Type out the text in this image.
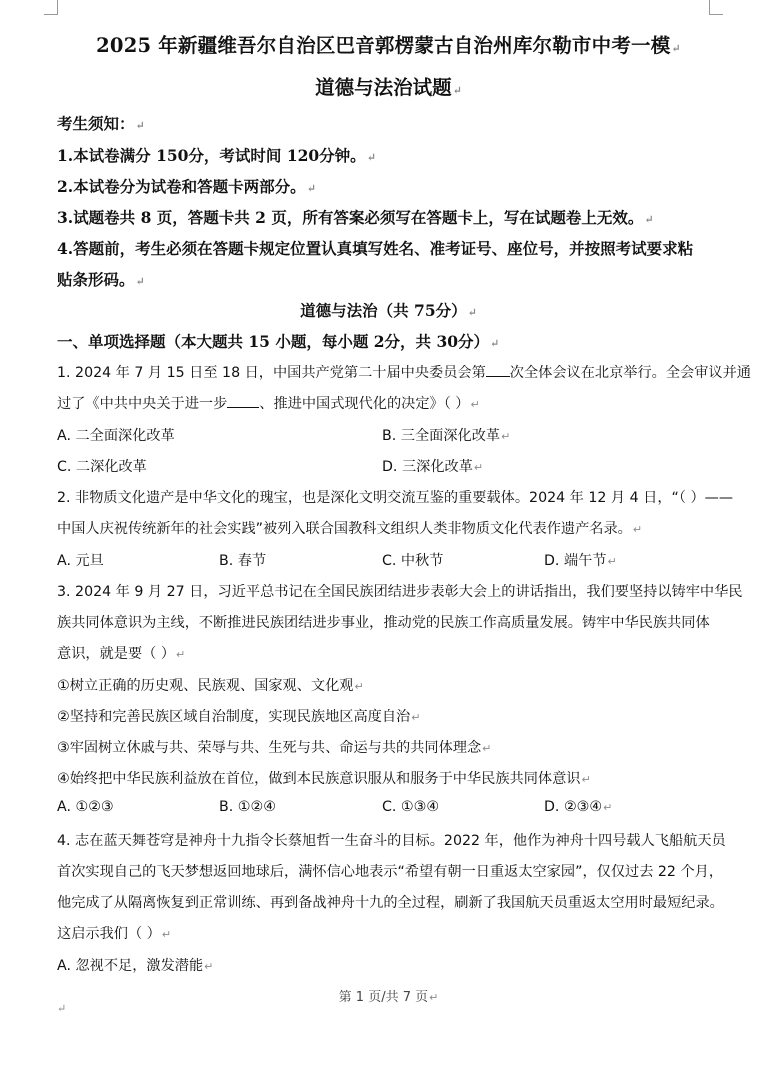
2025 年新疆维吾尔自治区巴音郭楞蒙古自治州库尔勒市中考一模↵
道德与法治试题↵
考生须知：↵
1.本试卷满分 150分，考试时间 120分钟。↵
2.本试卷分为试卷和答题卡两部分。↵
3.试题卷共 8 页，答题卡共 2 页，所有答案必须写在答题卡上，写在试题卷上无效。↵
4.答题前，考生必须在答题卡规定位置认真填写姓名、准考证号、座位号，并按照考试要求粘
贴条形码。↵
道德与法治（共 75分）↵
一、单项选择题（本大题共 15 小题，每小题 2分，共 30分）↵
1. 2024 年 7 月 15 日至 18 日，中国共产党第二十届中央委员会第 次全体会议在北京举行。全会审议并通
过了《中共中央关于进一步 、推进中国式现代化的决定》（ ）↵
A. 二全面深化改革	B. 三全面深化改革↵
C. 二深化改革	D. 三深化改革↵
2. 非物质文化遗产是中华文化的瑰宝，也是深化文明交流互鉴的重要载体。2024 年 12 月 4 日，“（ ）——
中国人庆祝传统新年的社会实践”被列入联合国教科文组织人类非物质文化代表作遗产名录。↵
A. 元旦	B. 春节	C. 中秋节	D. 端午节↵
3. 2024 年 9 月 27 日，习近平总书记在全国民族团结进步表彰大会上的讲话指出，我们要坚持以铸牢中华民
族共同体意识为主线，不断推进民族团结进步事业，推动党的民族工作高质量发展。铸牢中华民族共同体
意识，就是要（ ）↵
①树立正确的历史观、民族观、国家观、文化观↵
②坚持和完善民族区域自治制度，实现民族地区高度自治↵
③牢固树立休戚与共、荣辱与共、生死与共、命运与共的共同体理念↵
④始终把中华民族利益放在首位，做到本民族意识服从和服务于中华民族共同体意识↵
A. ①②③	B. ①②④	C. ①③④	D. ②③④↵
4. 志在蓝天舞苍穹是神舟十九指令长蔡旭哲一生奋斗的目标。2022 年，他作为神舟十四号载人飞船航天员
首次实现自己的飞天梦想返回地球后，满怀信心地表示“希望有朝一日重返太空家园”，仅仅过去 22 个月，
他完成了从隔离恢复到正常训练、再到备战神舟十九的全过程，刷新了我国航天员重返太空用时最短纪录。
这启示我们（ ）↵
A. 忽视不足，激发潜能↵
第 1 页/共 7 页↵
↵
